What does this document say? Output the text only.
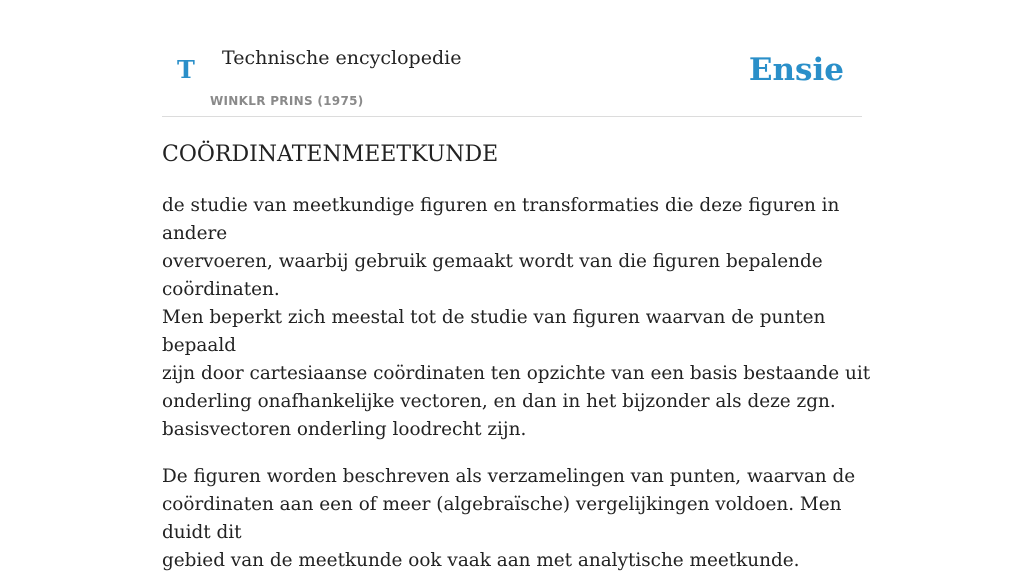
T Technische encyclopedie
WINKLR PRINS (1975)
Ensie
COÖRDINATENMEETKUNDE

de studie van meetkundige figuren en transformaties die deze figuren in andere
overvoeren, waarbij gebruik gemaakt wordt van die figuren bepalende coördinaten.
Men beperkt zich meestal tot de studie van figuren waarvan de punten bepaald
zijn door cartesiaanse coördinaten ten opzichte van een basis bestaande uit
onderling onafhankelijke vectoren, en dan in het bijzonder als deze zgn.
basisvectoren onderling loodrecht zijn.

De figuren worden beschreven als verzamelingen van punten, waarvan de
coördinaten aan een of meer (algebraïsche) vergelijkingen voldoen. Men duidt dit
gebied van de meetkunde ook vaak aan met analytische meetkunde.
